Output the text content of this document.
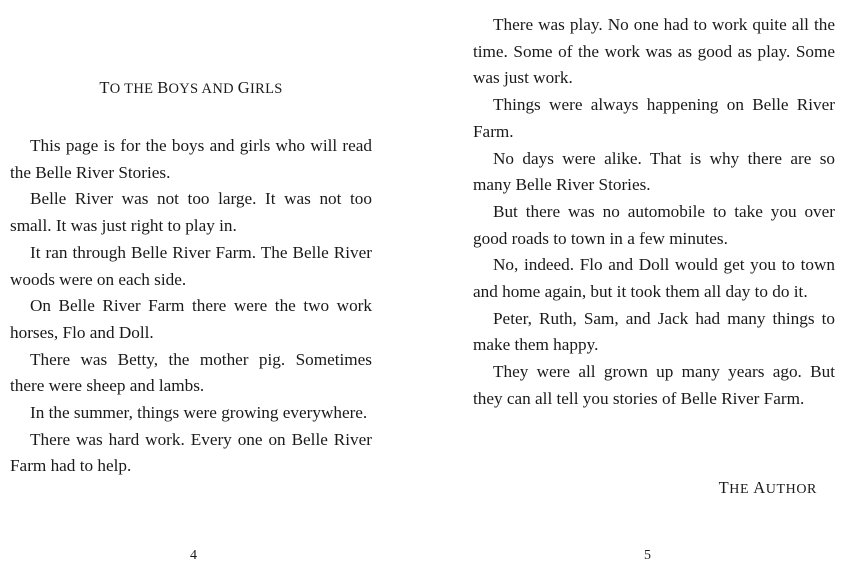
TO THE BOYS AND GIRLS

This page is for the boys and girls who will read the Belle River Stories.

Belle River was not too large. It was not too small. It was just right to play in.

It ran through Belle River Farm. The Belle River woods were on each side.

On Belle River Farm there were the two work horses, Flo and Doll.

There was Betty, the mother pig. Sometimes there were sheep and lambs.

In the summer, things were growing everywhere.

There was hard work. Every one on Belle River Farm had to help.

4

There was play. No one had to work quite all the time. Some of the work was as good as play. Some was just work.

Things were always happening on Belle River Farm.

No days were alike. That is why there are so many Belle River Stories.

But there was no automobile to take you over good roads to town in a few minutes.

No, indeed. Flo and Doll would get you to town and home again, but it took them all day to do it.

Peter, Ruth, Sam, and Jack had many things to make them happy.

They were all grown up many years ago. But they can all tell you stories of Belle River Farm.

THE AUTHOR

5
